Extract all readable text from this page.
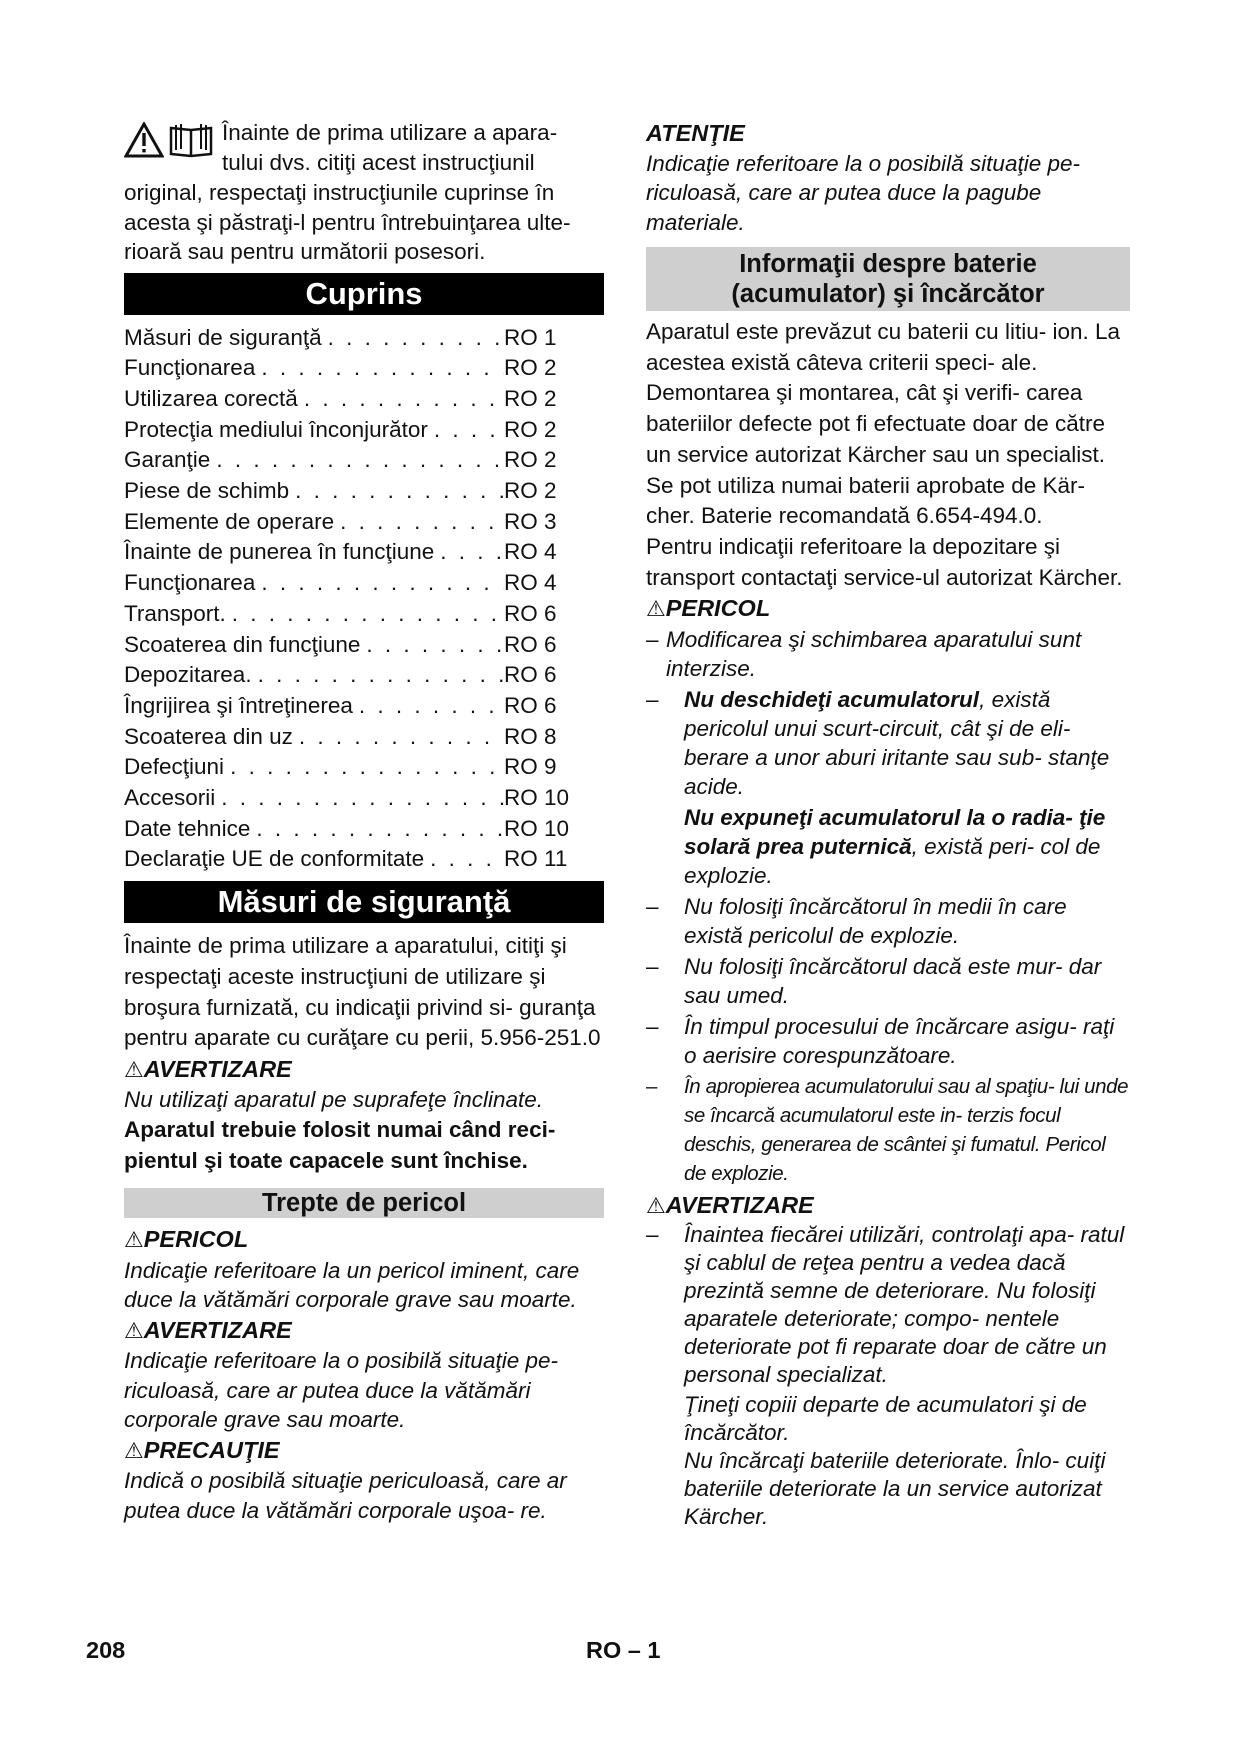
Înainte de prima utilizare a apara-

tului dvs. citiţi acest instrucţiunil

original, respectaţi instrucţiunile cuprinse în acesta şi păstraţi-l pentru întrebuinţarea ulte- rioară sau pentru următorii posesori.

Cuprins
Măsuri de siguranţă . . .	RO 1
Funcţionarea . . .	RO 2
Utilizarea corectă . . .	RO 2
Protecţia mediului înconjurător . . .	RO 2
Garanţie . . .	RO 2
Piese de schimb . . .	RO 2
Elemente de operare . . .	RO 3
Înainte de punerea în funcţiune . . .	RO 4
Funcţionarea . . .	RO 4
Transport. . . .	RO 6
Scoaterea din funcţiune . . .	RO 6
Depozitarea. . . .	RO 6
Îngrijirea şi întreţinerea . . .	RO 6
Scoaterea din uz . . .	RO 8
Defecţiuni . . .	RO 9
Accesorii . . .	RO 10
Date tehnice . . .	RO 10
Declaraţie UE de conformitate . . .	RO 11
Măsuri de siguranţă

Înainte de prima utilizare a aparatului, citiţi şi respectaţi aceste instrucţiuni de utilizare şi broşura furnizată, cu indicaţii privind si- guranţa pentru aparate cu curăţare cu perii, 5.956-251.0

⚠AVERTIZARE

Nu utilizaţi aparatul pe suprafeţe înclinate.

Aparatul trebuie folosit numai când reci- pientul şi toate capacele sunt închise.

Trepte de pericol

⚠PERICOL

Indicaţie referitoare la un pericol iminent, care duce la vătămări corporale grave sau moarte.

⚠AVERTIZARE

Indicaţie referitoare la o posibilă situaţie pe- riculoasă, care ar putea duce la vătămări corporale grave sau moarte.

⚠PRECAUŢIE

Indică o posibilă situaţie periculoasă, care ar putea duce la vătămări corporale uşoa- re.

ATENŢIE

Indicaţie referitoare la o posibilă situaţie pe- riculoasă, care ar putea duce la pagube materiale.

Informaţii despre baterie
(acumulator) şi încărcător

Aparatul este prevăzut cu baterii cu litiu- ion. La acestea există câteva criterii speci- ale. Demontarea şi montarea, cât şi verifi- carea bateriilor defecte pot fi efectuate doar de către un service autorizat Kärcher sau un specialist.

Se pot utiliza numai baterii aprobate de Kär- cher. Baterie recomandată 6.654-494.0.

Pentru indicaţii referitoare la depozitare şi transport contactaţi service-ul autorizat Kärcher.

⚠PERICOL

– Modificarea şi schimbarea aparatului sunt interzise.
–	Nu deschideţi acumulatorul, există pericolul unui scurt-circuit, cât şi de eli- berare a unor aburi iritante sau sub- stanţe acide.
Nu expuneţi acumulatorul la o radia- ţie solară prea puternică, există peri- col de explozie.
–	Nu folosiţi încărcătorul în medii în care există pericolul de explozie.
–	Nu folosiţi încărcătorul dacă este mur- dar sau umed.
–	În timpul procesului de încărcare asigu- raţi o aerisire corespunzătoare.
–	În apropierea acumulatorului sau al spaţiu- lui unde se încarcă acumulatorul este in- terzis focul deschis, generarea de scântei şi fumatul. Pericol de explozie.

⚠AVERTIZARE

–	Înaintea fiecărei utilizări, controlaţi apa- ratul şi cablul de reţea pentru a vedea dacă prezintă semne de deteriorare. Nu folosiţi aparatele deteriorate; compo- nentele deteriorate pot fi reparate doar de către un personal specializat.
Ţineţi copiii departe de acumulatori şi de încărcător.
Nu încărcaţi bateriile deteriorate. Înlo- cuiţi bateriile deteriorate la un service autorizat Kärcher.
208	RO – 1
